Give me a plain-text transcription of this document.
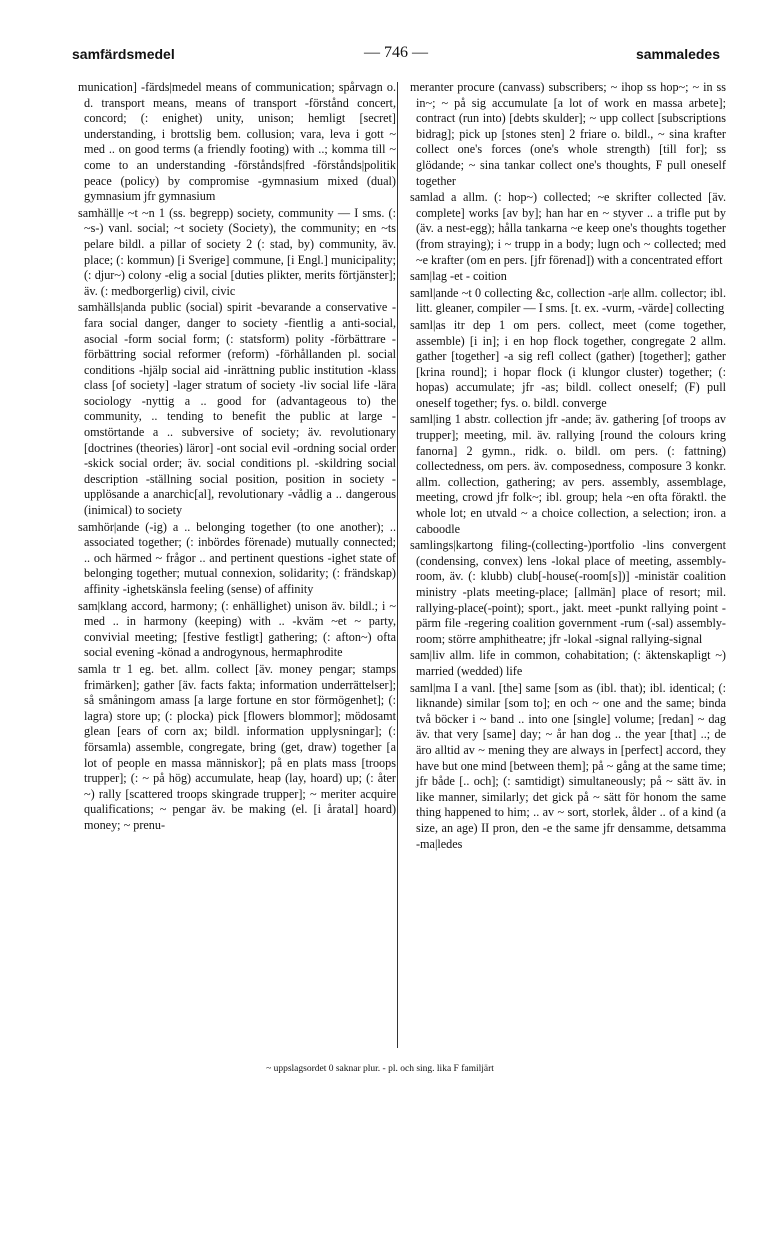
samfärdsmedel	— 746 —	sammaledes

munication] -färds|medel means of communication; spårvagn o. d. transport means, means of transport -förstånd concert, concord; (: enighet) unity, unison; hemligt [secret] understanding, i brottslig bem. collusion; vara, leva i gott ~ med .. on good terms (a friendly footing) with ..; komma till ~ come to an understanding -förstånds|fred -förstånds|politik peace (policy) by compromise -gymnasium mixed (dual) gymnasium jfr gymnasium

samhäll|e ~t ~n 1 (ss. begrepp) society, community — I sms. (: ~s-) vanl. social; ~t society (Society), the community; en ~ts pelare bildl. a pillar of society 2 (: stad, by) community, äv. place; (: kommun) [i Sverige] commune, [i Engl.] municipality; (: djur~) colony -elig a social [duties plikter, merits förtjänster]; äv. (: medborgerlig) civil, civic

samhälls|anda public (social) spirit -bevarande a conservative -fara social danger, danger to society -fientlig a anti-social, asocial -form social form; (: statsform) polity -förbättrare -förbättring social reformer (reform) -förhållanden pl. social conditions -hjälp social aid -inrättning public institution -klass class [of society] -lager stratum of society -liv social life -lära sociology -nyttig a .. good for (advantageous to) the community, .. tending to benefit the public at large -omstörtande a .. subversive of society; äv. revolutionary [doctrines (theories) läror] -ont social evil -ordning social order -skick social order; äv. social conditions pl. -skildring social description -ställning social position, position in society -upplösande a anarchic[al], revolutionary -vådlig a .. dangerous (inimical) to society

samhör|ande (-ig) a .. belonging together (to one another); .. associated together; (: inbördes förenade) mutually connected; .. och härmed ~ frågor .. and pertinent questions -ighet state of belonging together; mutual connexion, solidarity; (: frändskap) affinity -ighetskänsla feeling (sense) of affinity

sam|klang accord, harmony; (: enhällighet) unison äv. bildl.; i ~ med .. in harmony (keeping) with .. -kväm ~et ~ party, convivial meeting; [festive festligt] gathering; (: afton~) ofta social evening -könad a androgynous, hermaphrodite

samla tr 1 eg. bet. allm. collect [äv. money pengar; stamps frimärken]; gather [äv. facts fakta; information underrättelser]; så småningom amass [a large fortune en stor förmögenhet]; (: lagra) store up; (: plocka) pick [flowers blommor]; mödosamt glean [ears of corn ax; bildl. information upplysningar]; (: församla) assemble, congregate, bring (get, draw) together [a lot of people en massa människor]; på en plats mass [troops trupper]; (: ~ på hög) accumulate, heap (lay, hoard) up; (: åter ~) rally [scattered troops skingrade trupper]; ~ meriter acquire qualifications; ~ pengar äv. be making (el. [i åratal] hoard) money; ~ prenu-

meranter procure (canvass) subscribers; ~ ihop ss hop~; ~ in ss in~; ~ på sig accumulate [a lot of work en massa arbete]; contract (run into) [debts skulder]; ~ upp collect [subscriptions bidrag]; pick up [stones sten] 2 friare o. bildl., ~ sina krafter collect one's forces (one's whole strength) [till for]; ss glödande; ~ sina tankar collect one's thoughts, F pull oneself together

samlad a allm. (: hop~) collected; ~e skrifter collected [äv. complete] works [av by]; han har en ~ styver .. a trifle put by (äv. a nest-egg); hålla tankarna ~e keep one's thoughts together (from straying); i ~ trupp in a body; lugn och ~ collected; med ~e krafter (om en pers. [jfr förenad]) with a concentrated effort

sam|lag -et - coition

saml|ande ~t 0 collecting &c, collection -ar|e allm. collector; ibl. litt. gleaner, compiler — I sms. [t. ex. -vurm, -värde] collecting

saml|as itr dep 1 om pers. collect, meet (come together, assemble) [i in]; i en hop flock together, congregate 2 allm. gather [together] -a sig refl collect (gather) [together]; gather [krina round]; i hopar flock (i klungor cluster) together; (: hopas) accumulate; jfr -as; bildl. collect oneself; (F) pull oneself together; fys. o. bildl. converge

saml|ing 1 abstr. collection jfr -ande; äv. gathering [of troops av trupper]; meeting, mil. äv. rallying [round the colours kring fanorna] 2 gymn., ridk. o. bildl. om pers. (: fattning) collectedness, om pers. äv. composedness, composure 3 konkr. allm. collection, gathering; av pers. assembly, assemblage, meeting, crowd jfr folk~; ibl. group; hela ~en ofta föraktl. the whole lot; en utvald ~ a choice collection, a selection; iron. a caboodle

samlings|kartong filing-(collecting-)portfolio -lins convergent (condensing, convex) lens -lokal place of meeting, assembly-room, äv. (: klubb) club[-house(-room[s])] -ministär coalition ministry -plats meeting-place; [allmän] place of resort; mil. rallying-place(-point); sport., jakt. meet -punkt rallying point -pärm file -regering coalition government -rum (-sal) assembly-room; större amphitheatre; jfr -lokal -signal rallying-signal

sam|liv allm. life in common, cohabitation; (: äktenskapligt ~) married (wedded) life

saml|ma I a vanl. [the] same [som as (ibl. that); ibl. identical; (: liknande) similar [som to]; en och ~ one and the same; binda två böcker i ~ band .. into one [single] volume; [redan] ~ dag äv. that very [same] day; ~ år han dog .. the year [that] ..; de äro alltid av ~ mening they are always in [perfect] accord, they have but one mind [between them]; på ~ gång at the same time; jfr både [.. och]; (: samtidigt) simultaneously; på ~ sätt äv. in like manner, similarly; det gick på ~ sätt för honom the same thing happened to him; .. av ~ sort, storlek, ålder .. of a kind (a size, an age) II pron, den -e the same jfr densamme, detsamma -ma|ledes

~ uppslagsordet 0 saknar plur. - pl. och sing. lika F familjärt
